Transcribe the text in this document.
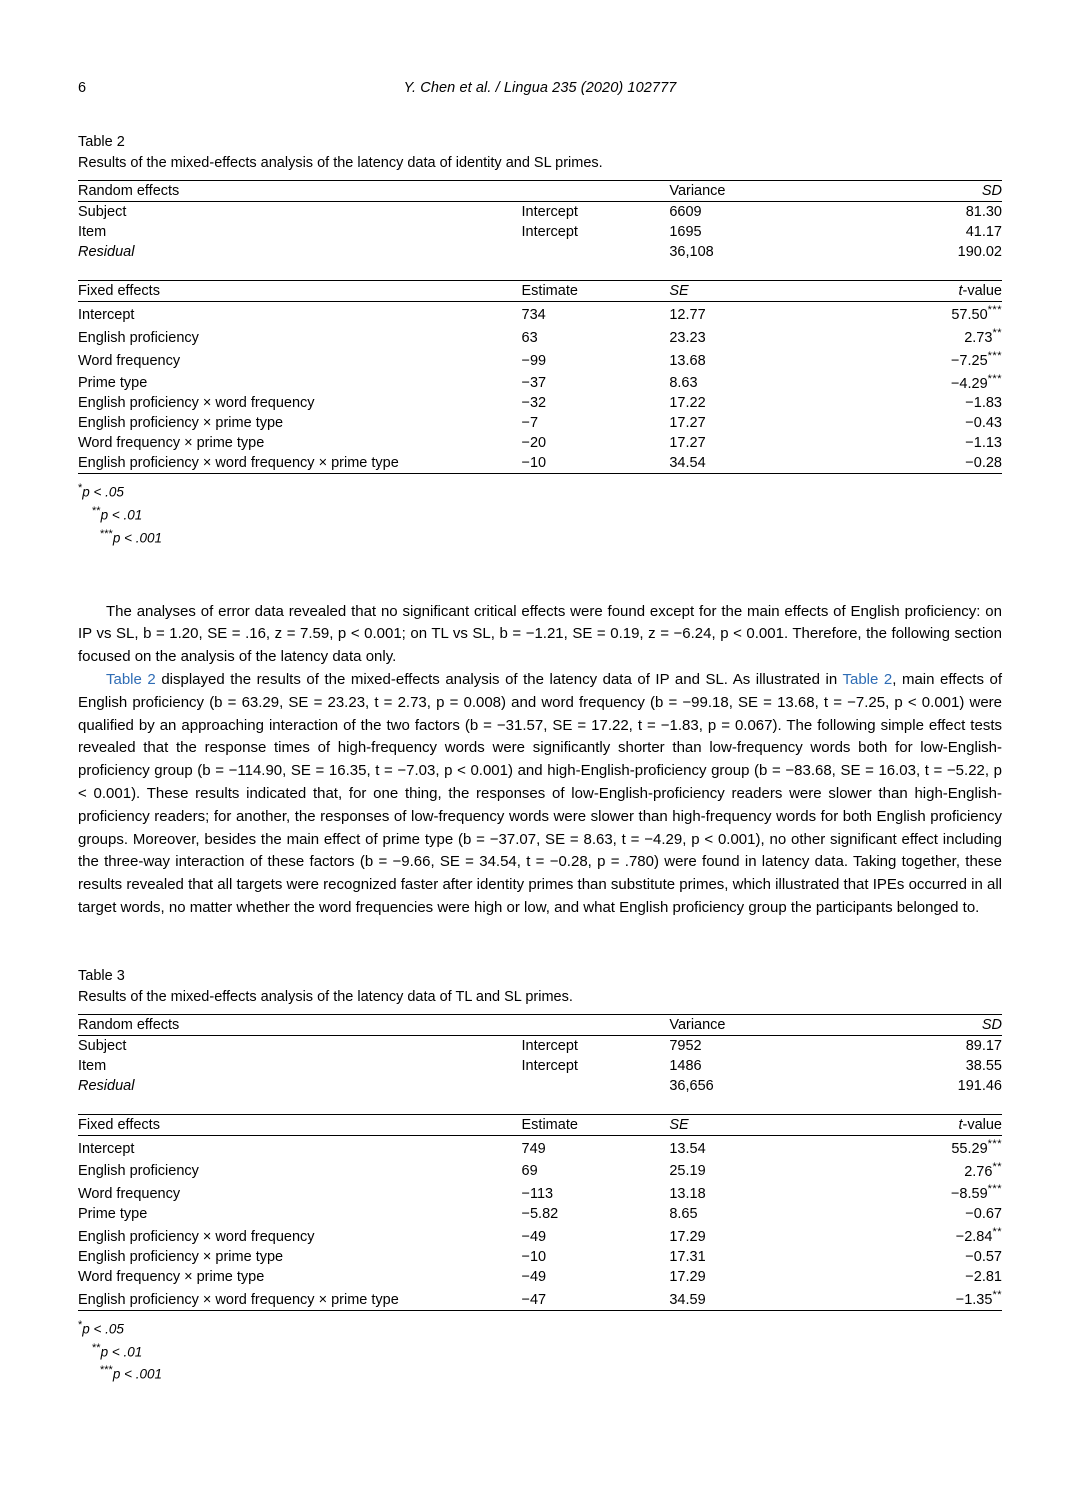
6	Y. Chen et al. / Lingua 235 (2020) 102777
Table 2
Results of the mixed-effects analysis of the latency data of identity and SL primes.
Random effects		Variance	SD
Subject	Intercept	6609	81.30
Item	Intercept	1695	41.17
Residual		36,108	190.02

Fixed effects	Estimate	SE	t-value
Intercept	734	12.77	57.50***
English proficiency	63	23.23	2.73**
Word frequency	−99	13.68	−7.25***
Prime type	−37	8.63	−4.29***
English proficiency × word frequency	−32	17.22	−1.83
English proficiency × prime type	−7	17.27	−0.43
Word frequency × prime type	−20	17.27	−1.13
English proficiency × word frequency × prime type	−10	34.54	−0.28
*p < .05
**p < .01
***p < .001

The analyses of error data revealed that no significant critical effects were found except for the main effects of English proficiency: on IP vs SL, b = 1.20, SE = .16, z = 7.59, p < 0.001; on TL vs SL, b = −1.21, SE = 0.19, z = −6.24, p < 0.001. Therefore, the following section focused on the analysis of the latency data only.

Table 2 displayed the results of the mixed-effects analysis of the latency data of IP and SL. As illustrated in Table 2, main effects of English proficiency (b = 63.29, SE = 23.23, t = 2.73, p = 0.008) and word frequency (b = −99.18, SE = 13.68, t = −7.25, p < 0.001) were qualified by an approaching interaction of the two factors (b = −31.57, SE = 17.22, t = −1.83, p = 0.067). The following simple effect tests revealed that the response times of high-frequency words were significantly shorter than low-frequency words both for low-English-proficiency group (b = −114.90, SE = 16.35, t = −7.03, p < 0.001) and high-English-proficiency group (b = −83.68, SE = 16.03, t = −5.22, p < 0.001). These results indicated that, for one thing, the responses of low-English-proficiency readers were slower than high-English-proficiency readers; for another, the responses of low-frequency words were slower than high-frequency words for both English proficiency groups. Moreover, besides the main effect of prime type (b = −37.07, SE = 8.63, t = −4.29, p < 0.001), no other significant effect including the three-way interaction of these factors (b = −9.66, SE = 34.54, t = −0.28, p = .780) were found in latency data. Taking together, these results revealed that all targets were recognized faster after identity primes than substitute primes, which illustrated that IPEs occurred in all target words, no matter whether the word frequencies were high or low, and what English proficiency group the participants belonged to.

Table 3
Results of the mixed-effects analysis of the latency data of TL and SL primes.
Random effects		Variance	SD
Subject	Intercept	7952	89.17
Item	Intercept	1486	38.55
Residual		36,656	191.46

Fixed effects	Estimate	SE	t-value
Intercept	749	13.54	55.29***
English proficiency	69	25.19	2.76**
Word frequency	−113	13.18	−8.59***
Prime type	−5.82	8.65	−0.67
English proficiency × word frequency	−49	17.29	−2.84**
English proficiency × prime type	−10	17.31	−0.57
Word frequency × prime type	−49	17.29	−2.81
English proficiency × word frequency × prime type	−47	34.59	−1.35**
*p < .05
**p < .01
***p < .001
